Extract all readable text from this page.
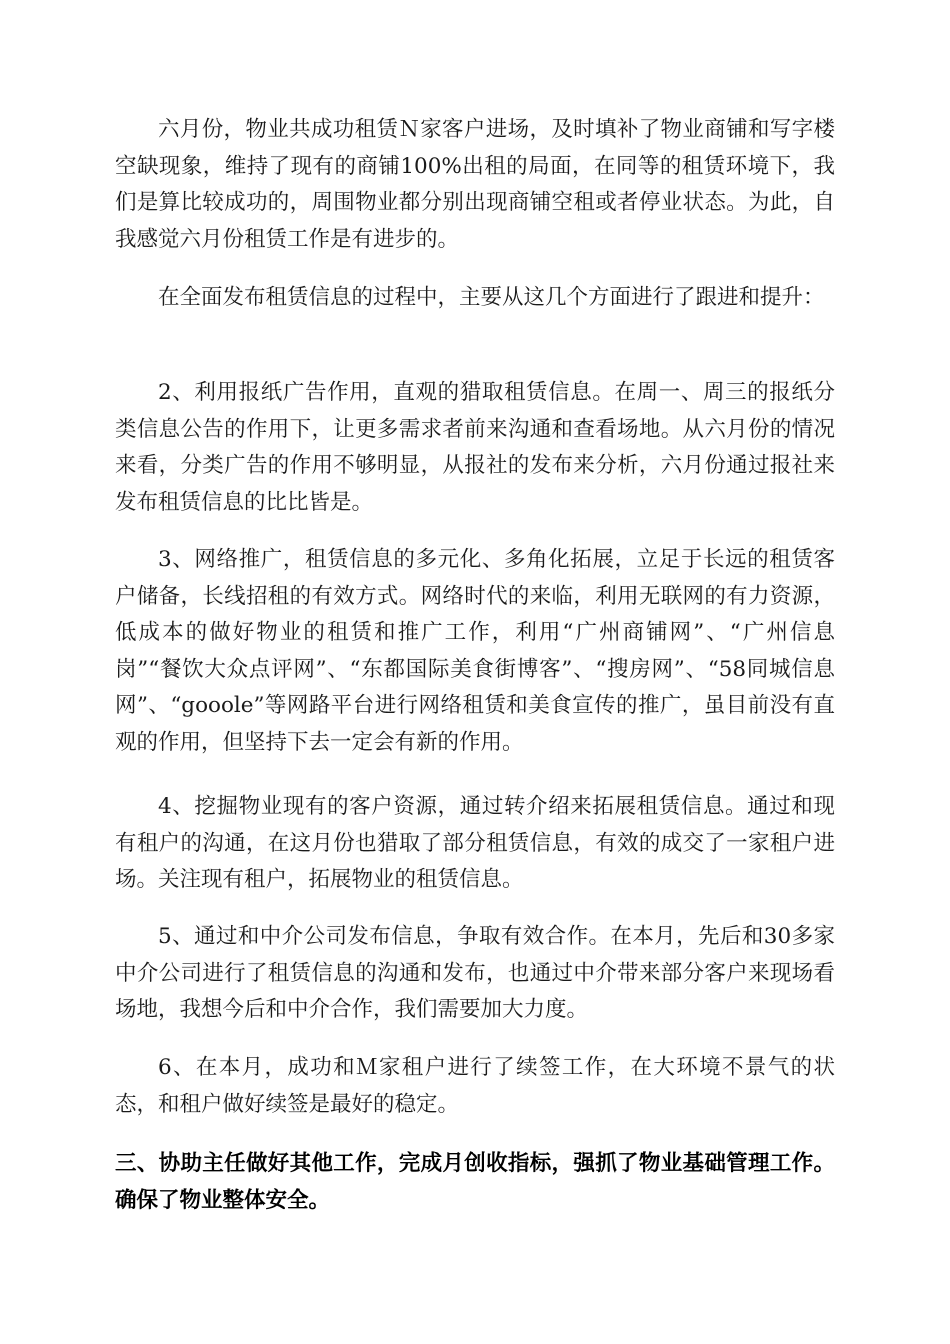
六月份，物业共成功租赁Ｎ家客户进场，及时填补了物业商铺和写字楼空缺现象，维持了现有的商铺100%出租的局面，在同等的租赁环境下，我们是算比较成功的，周围物业都分别出现商铺空租或者停业状态。为此，自我感觉六月份租赁工作是有进步的。

在全面发布租赁信息的过程中，主要从这几个方面进行了跟进和提升：

2、利用报纸广告作用，直观的猎取租赁信息。在周一、周三的报纸分类信息公告的作用下，让更多需求者前来沟通和查看场地。从六月份的情况来看，分类广告的作用不够明显，从报社的发布来分析，六月份通过报社来发布租赁信息的比比皆是。

3、网络推广，租赁信息的多元化、多角化拓展，立足于长远的租赁客户储备，长线招租的有效方式。网络时代的来临，利用无联网的有力资源，低成本的做好物业的租赁和推广工作，利用“广州商铺网”、“广州信息岗”“餐饮大众点评网”、“东都国际美食街博客”、“搜房网”、“58同城信息网”、“gooole”等网路平台进行网络租赁和美食宣传的推广，虽目前没有直观的作用，但坚持下去一定会有新的作用。

4、挖掘物业现有的客户资源，通过转介绍来拓展租赁信息。通过和现有租户的沟通，在这月份也猎取了部分租赁信息，有效的成交了一家租户进场。关注现有租户，拓展物业的租赁信息。

5、通过和中介公司发布信息，争取有效合作。在本月，先后和30多家中介公司进行了租赁信息的沟通和发布，也通过中介带来部分客户来现场看场地，我想今后和中介合作，我们需要加大力度。

6、在本月，成功和Ｍ家租户进行了续签工作，在大环境不景气的状态，和租户做好续签是最好的稳定。

三、协助主任做好其他工作，完成月创收指标，强抓了物业基础管理工作。确保了物业整体安全。
